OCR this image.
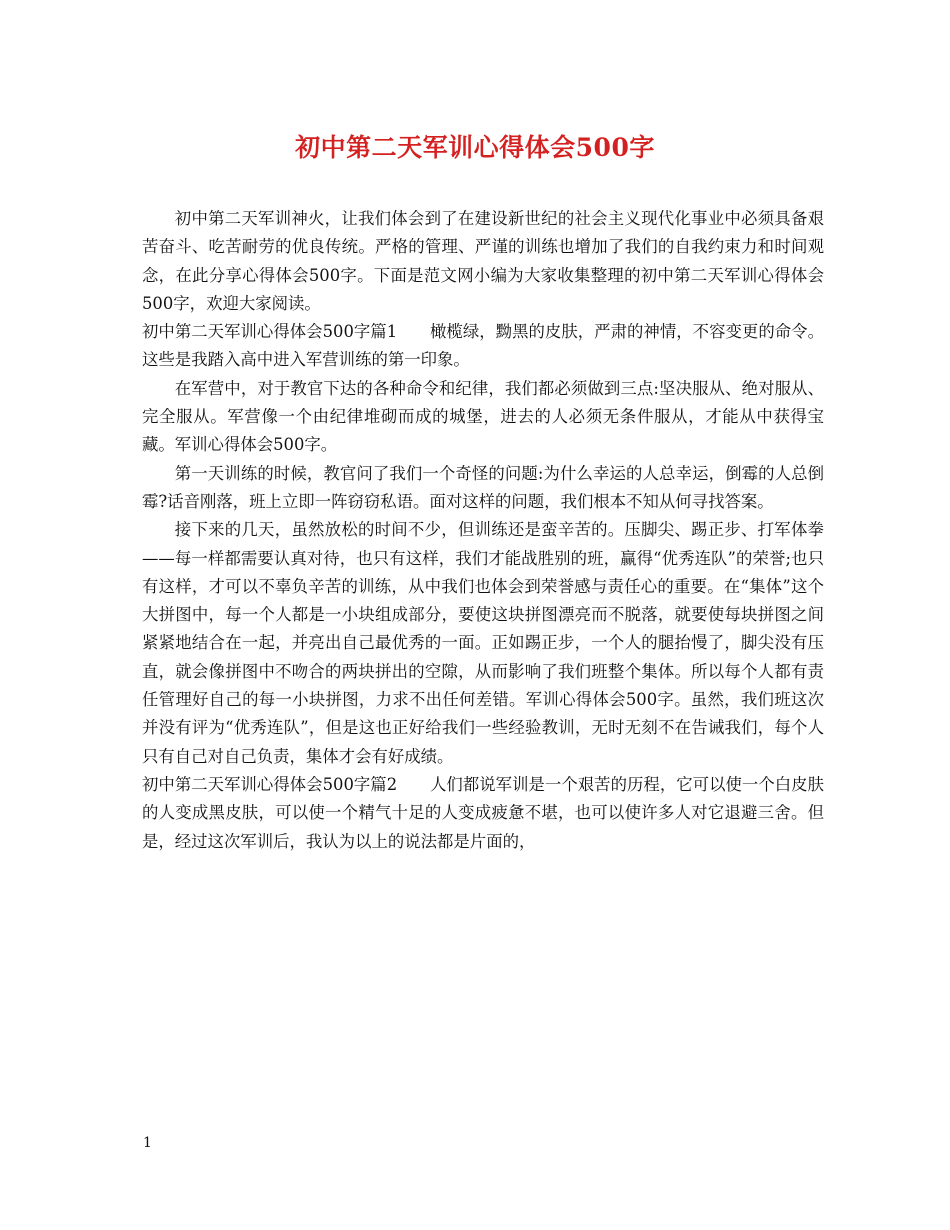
初中第二天军训心得体会500字

初中第二天军训神火，让我们体会到了在建设新世纪的社会主义现代化事业中必须具备艰苦奋斗、吃苦耐劳的优良传统。严格的管理、严谨的训练也增加了我们的自我约束力和时间观念，在此分享心得体会500字。下面是范文网小编为大家收集整理的初中第二天军训心得体会500字，欢迎大家阅读。

初中第二天军训心得体会500字篇1　　橄榄绿，黝黑的皮肤，严肃的神情，不容变更的命令。这些是我踏入高中进入军营训练的第一印象。

在军营中，对于教官下达的各种命令和纪律，我们都必须做到三点:坚决服从、绝对服从、完全服从。军营像一个由纪律堆砌而成的城堡，进去的人必须无条件服从，才能从中获得宝藏。军训心得体会500字。

第一天训练的时候，教官问了我们一个奇怪的问题:为什么幸运的人总幸运，倒霉的人总倒霉?话音刚落，班上立即一阵窃窃私语。面对这样的问题，我们根本不知从何寻找答案。

接下来的几天，虽然放松的时间不少，但训练还是蛮辛苦的。压脚尖、踢正步、打军体拳——每一样都需要认真对待，也只有这样，我们才能战胜别的班，赢得“优秀连队”的荣誉;也只有这样，才可以不辜负辛苦的训练，从中我们也体会到荣誉感与责任心的重要。在“集体”这个大拼图中，每一个人都是一小块组成部分，要使这块拼图漂亮而不脱落，就要使每块拼图之间紧紧地结合在一起，并亮出自己最优秀的一面。正如踢正步，一个人的腿抬慢了，脚尖没有压直，就会像拼图中不吻合的两块拼出的空隙，从而影响了我们班整个集体。所以每个人都有责任管理好自己的每一小块拼图，力求不出任何差错。军训心得体会500字。虽然，我们班这次并没有评为“优秀连队”，但是这也正好给我们一些经验教训，无时无刻不在告诫我们，每个人只有自己对自己负责，集体才会有好成绩。

初中第二天军训心得体会500字篇2　　人们都说军训是一个艰苦的历程，它可以使一个白皮肤的人变成黑皮肤，可以使一个精气十足的人变成疲惫不堪，也可以使许多人对它退避三舍。但是，经过这次军训后，我认为以上的说法都是片面的，

1
